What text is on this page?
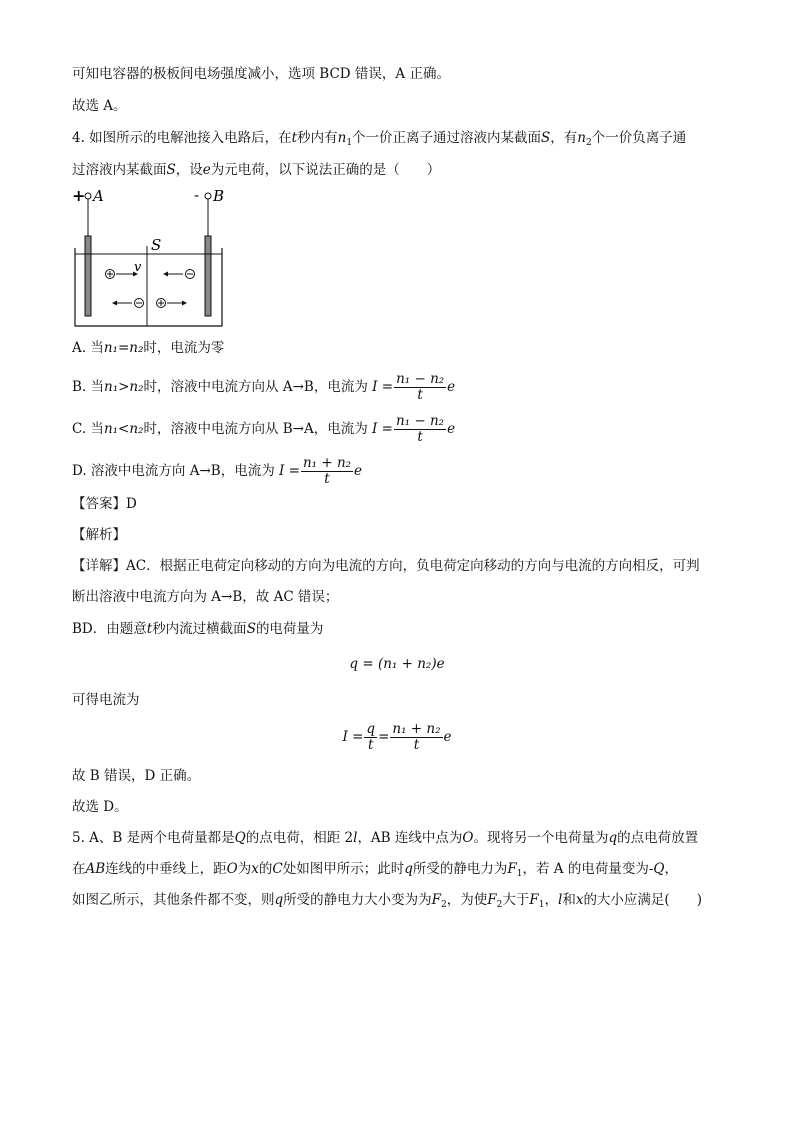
可知电容器的极板间电场强度减小，选项 BCD 错误，A 正确。
故选 A。
4. 如图所示的电解池接入电路后，在t秒内有$n_1$个一价正离子通过溶液内某截面S，有$n_2$个一价负离子通
过溶液内某截面S，设e为元电荷，以下说法正确的是（　　）
+ A	- B
S
v
A. 当n₁=n₂时，电流为零
B. 当n₁>n₂时，溶液中电流方向从 A→B，电流为 $I = \frac{\text{n₁ − n₂}}{t}$ e
C. 当n₁<n₂时，溶液中电流方向从 B→A，电流为 $I = \frac{\text{n₁ − n₂}}{t}$ e
D. 溶液中电流方向 A→B，电流为 $I = \frac{\text{n₁ + n₂}}{t}$ e
【答案】D
【解析】
【详解】AC．根据正电荷定向移动的方向为电流的方向，负电荷定向移动的方向与电流的方向相反，可判
断出溶液中电流方向为 A→B，故 AC 错误；
BD．由题意t秒内流过横截面S的电荷量为
q = (n₁ + n₂)e
可得电流为
$I = \frac{q}{t} = \frac{\text{n₁ + n₂}}{t}$ e
故 B 错误，D 正确。
故选 D。
5. A、B 是两个电荷量都是Q的点电荷，相距 2l，AB 连线中点为O。现将另一个电荷量为q的点电荷放置
在AB连线的中垂线上，距O为x的C处如图甲所示；此时q所受的静电力为$F_1$，若 A 的电荷量变为-Q，
如图乙所示，其他条件都不变，则q所受的静电力大小变为为$F_2$，为使$F_2$大于$F_1$，l和x的大小应满足(　　)
